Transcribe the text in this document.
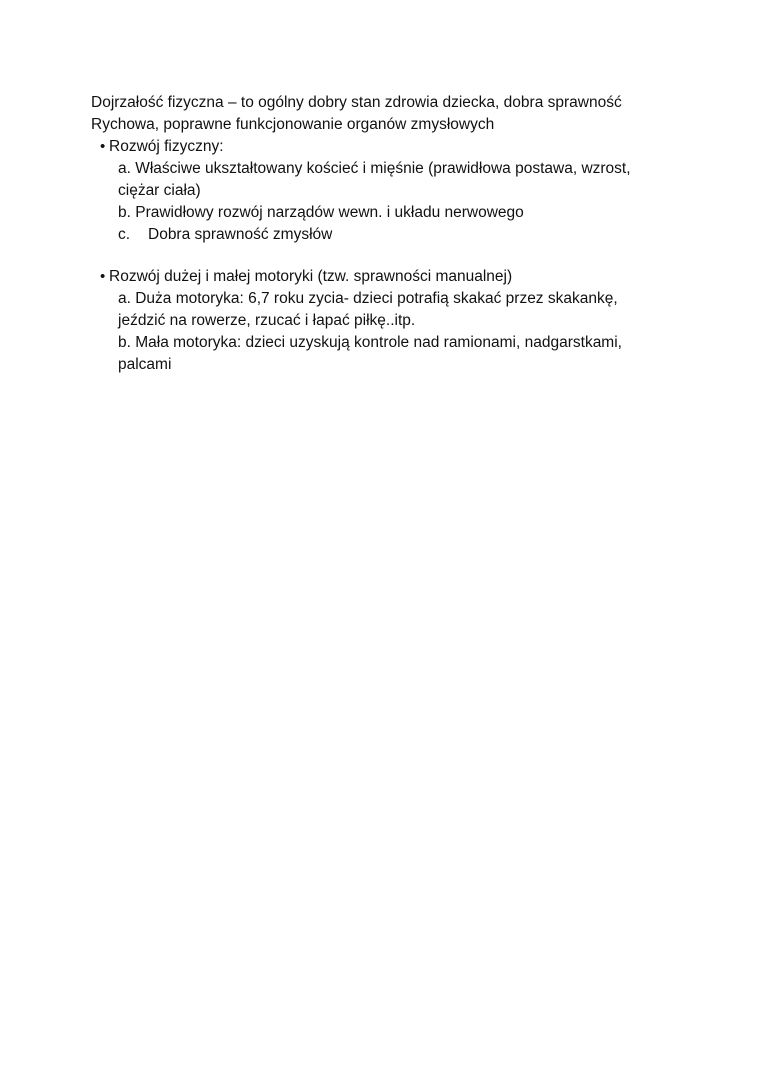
Dojrzałość fizyczna – to ogólny dobry stan zdrowia dziecka, dobra sprawność

Rychowa, poprawne funkcjonowanie organów zmysłowych

• Rozwój fizyczny:

a. Właściwe ukształtowany kościeć i mięśnie (prawidłowa postawa, wzrost,

ciężar ciała)

b. Prawidłowy rozwój narządów wewn. i układu nerwowego

c. Dobra sprawność zmysłów

• Rozwój dużej i małej motoryki (tzw. sprawności manualnej)

a. Duża motoryka: 6,7 roku zycia- dzieci potrafią skakać przez skakankę,

jeździć na rowerze, rzucać i łapać piłkę..itp.

b. Mała motoryka: dzieci uzyskują kontrole nad ramionami, nadgarstkami,

palcami
